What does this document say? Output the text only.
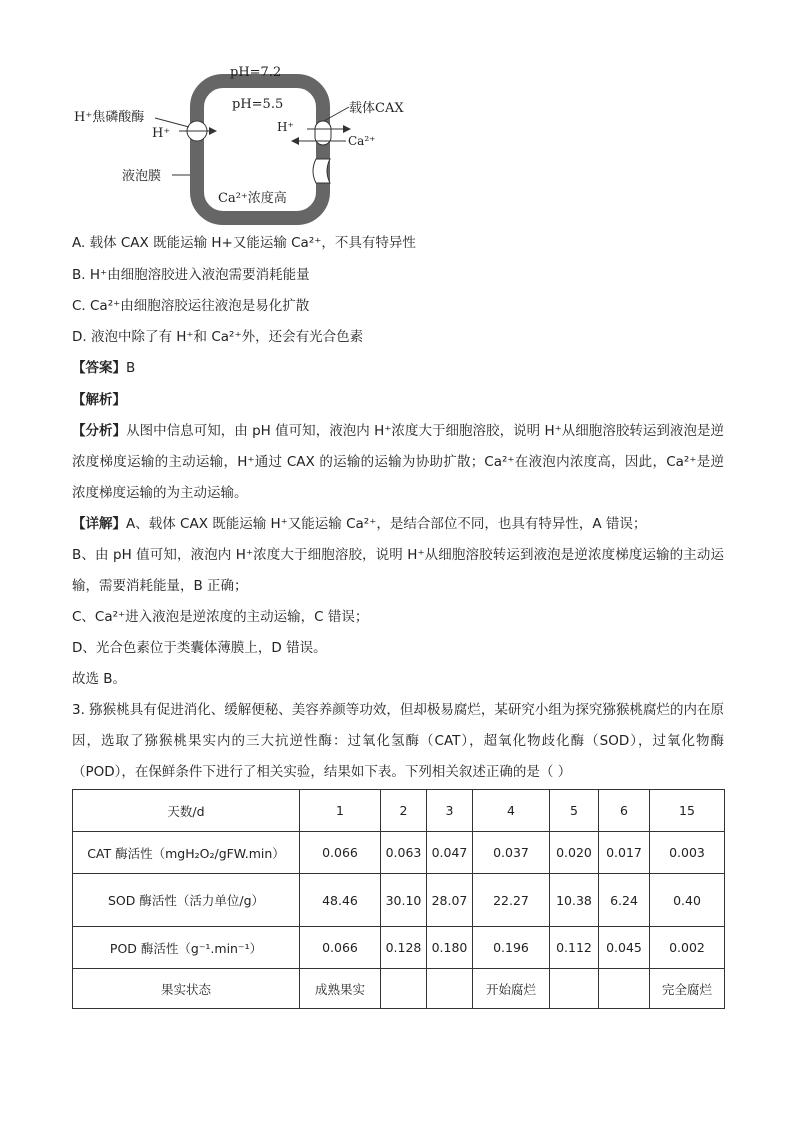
pH=7.2
pH=5.5
H⁺焦磷酸酶
H⁺
液泡膜
载体CAX
H⁺
Ca²⁺
Ca²⁺浓度高
A. 载体 CAX 既能运输 H+又能运输 Ca²⁺，不具有特异性
B. H⁺由细胞溶胶进入液泡需要消耗能量
C. Ca²⁺由细胞溶胶运往液泡是易化扩散
D. 液泡中除了有 H⁺和 Ca²⁺外，还会有光合色素
【答案】B
【解析】
【分析】从图中信息可知，由 pH 值可知，液泡内 H⁺浓度大于细胞溶胶，说明 H⁺从细胞溶胶转运到液泡是逆浓度梯度运输的主动运输，H⁺通过 CAX 的运输的运输为协助扩散；Ca²⁺在液泡内浓度高，因此，Ca²⁺是逆浓度梯度运输的为主动运输。
【详解】A、载体 CAX 既能运输 H⁺又能运输 Ca²⁺，是结合部位不同，也具有特异性，A 错误；
B、由 pH 值可知，液泡内 H⁺浓度大于细胞溶胶，说明 H⁺从细胞溶胶转运到液泡是逆浓度梯度运输的主动运输，需要消耗能量，B 正确；
C、Ca²⁺进入液泡是逆浓度的主动运输，C 错误；
D、光合色素位于类囊体薄膜上，D 错误。
故选 B。
3. 猕猴桃具有促进消化、缓解便秘、美容养颜等功效，但却极易腐烂，某研究小组为探究猕猴桃腐烂的内在原因，选取了猕猴桃果实内的三大抗逆性酶：过氧化氢酶（CAT），超氧化物歧化酶（SOD），过氧化物酶（POD），在保鲜条件下进行了相关实验，结果如下表。下列相关叙述正确的是（ ）
天数/d	1	2	3	4	5	6	15
CAT 酶活性（mgH₂O₂/gFW.min）	0.066	0.063	0.047	0.037	0.020	0.017	0.003
SOD 酶活性（活力单位/g）	48.46	30.10	28.07	22.27	10.38	6.24	0.40
POD 酶活性（g⁻¹.min⁻¹）	0.066	0.128	0.180	0.196	0.112	0.045	0.002
果实状态	成熟果实			开始腐烂			完全腐烂
